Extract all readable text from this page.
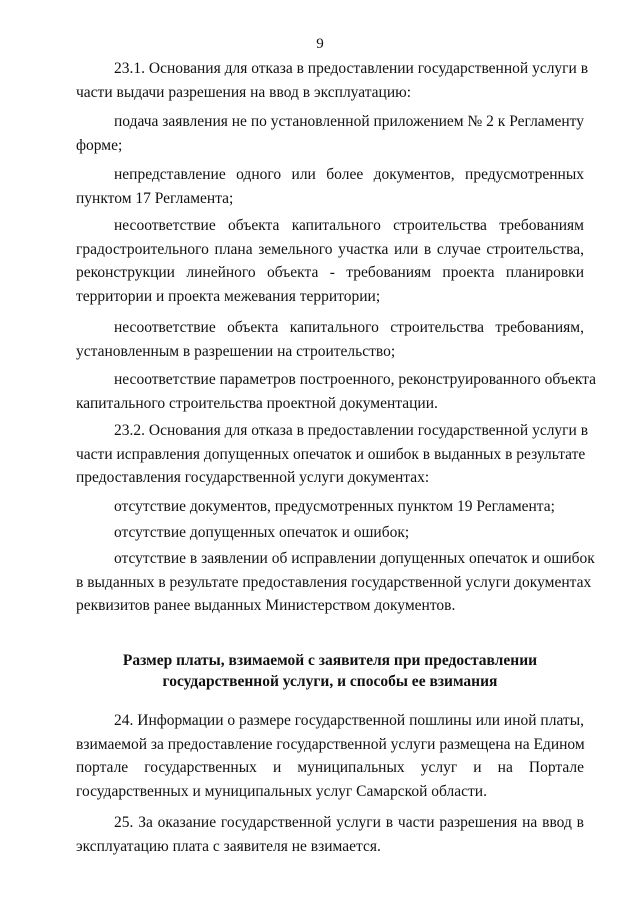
9
23.1. Основания для отказа в предоставлении государственной услуги в
части выдачи разрешения на ввод в эксплуатацию:
подача заявления не по установленной приложением № 2 к Регламенту
форме;
непредставление одного или более документов, предусмотренных
пунктом 17 Регламента;
несоответствие объекта капитального строительства требованиям
градостроительного плана земельного участка или в случае строительства,
реконструкции линейного объекта - требованиям проекта планировки
территории и проекта межевания территории;
несоответствие объекта капитального строительства требованиям,
установленным в разрешении на строительство;
несоответствие параметров построенного, реконструированного объекта
капитального строительства проектной документации.
23.2. Основания для отказа в предоставлении государственной услуги в
части исправления допущенных опечаток и ошибок в выданных в результате
предоставления государственной услуги документах:
отсутствие документов, предусмотренных пунктом 19 Регламента;
отсутствие допущенных опечаток и ошибок;
отсутствие в заявлении об исправлении допущенных опечаток и ошибок
в выданных в результате предоставления государственной услуги документах
реквизитов ранее выданных Министерством документов.
Размер платы, взимаемой с заявителя при предоставлении
государственной услуги, и способы ее взимания
24. Информации о размере государственной пошлины или иной платы,
взимаемой за предоставление государственной услуги размещена на Едином
портале государственных и муниципальных услуг и на Портале
государственных и муниципальных услуг Самарской области.
25. За оказание государственной услуги в части разрешения на ввод в
эксплуатацию плата с заявителя не взимается.
